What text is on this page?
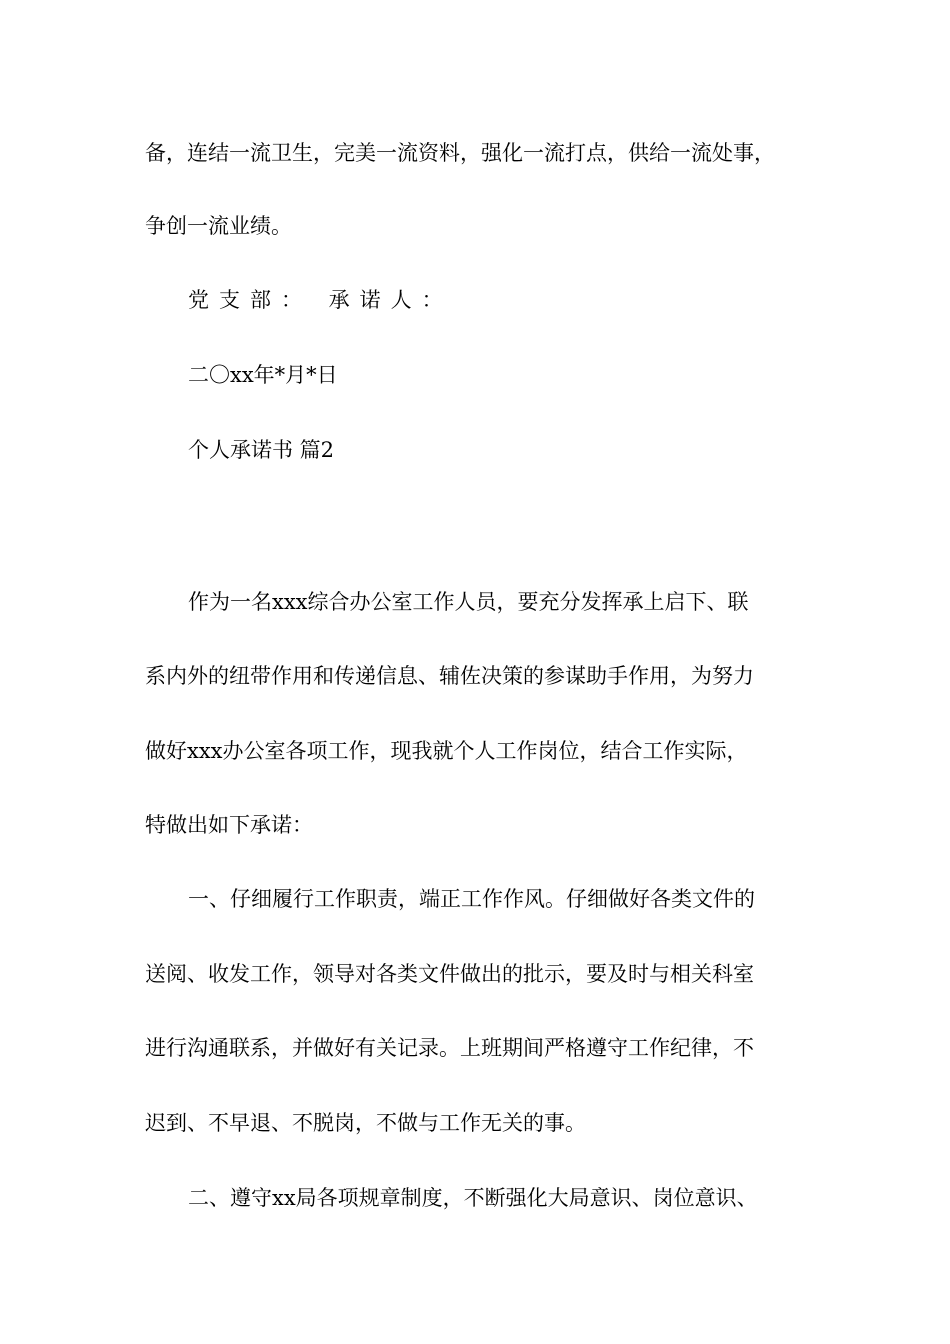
备，连结一流卫生，完美一流资料，强化一流打点，供给一流处事，
争创一流业绩。
党支部： 承诺人：
二〇xx年*月*日
个人承诺书 篇2
作为一名xxx综合办公室工作人员，要充分发挥承上启下、联
系内外的纽带作用和传递信息、辅佐决策的参谋助手作用，为努力
做好xxx办公室各项工作，现我就个人工作岗位，结合工作实际，
特做出如下承诺：
一、仔细履行工作职责，端正工作作风。仔细做好各类文件的
送阅、收发工作，领导对各类文件做出的批示，要及时与相关科室
进行沟通联系，并做好有关记录。上班期间严格遵守工作纪律，不
迟到、不早退、不脱岗，不做与工作无关的事。
二、遵守xx局各项规章制度，不断强化大局意识、岗位意识、
